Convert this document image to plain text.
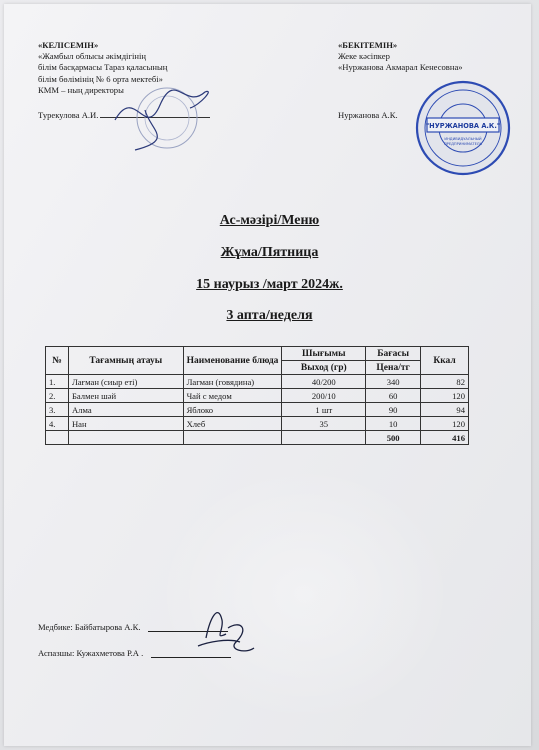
«КЕЛІСЕМІН»
«Жамбыл облысы әкімдігінің
білім басқармасы Тараз қаласының
білім бөлімінің № 6 орта мектебі»
КММ – ның директоры
Турекулова А.И.
«БЕКІТЕМІН»
Жеке кәсіпкер
«Нуржанова Акмарал Кенесовна»
Нуржанова А.К.
"НУРЖАНОВА А.К."
ИНДИВИДУАЛЬНЫЙ
ПРЕДПРИНИМАТЕЛЬ
Ас-мәзірі/Меню
Жұма/Пятница
15 наурыз /март 2024ж.
3 апта/неделя
№	Тағамның атауы	Наименование блюда	Шығымы	Бағасы	Ккал
			Выход (гр)	Цена/тг	
1.	Лағман (сиыр еті)	Лагман (говядина)	40/200	340	82
2.	Балмен шәй	Чай с медом	200/10	60	120
3.	Алма	Яблоко	1 шт	90	94
4.	Нан	Хлеб	35	10	120
				500	416
Медбике: Байбатырова А.К.
Аспазшы: Кужахметова Р.А .
